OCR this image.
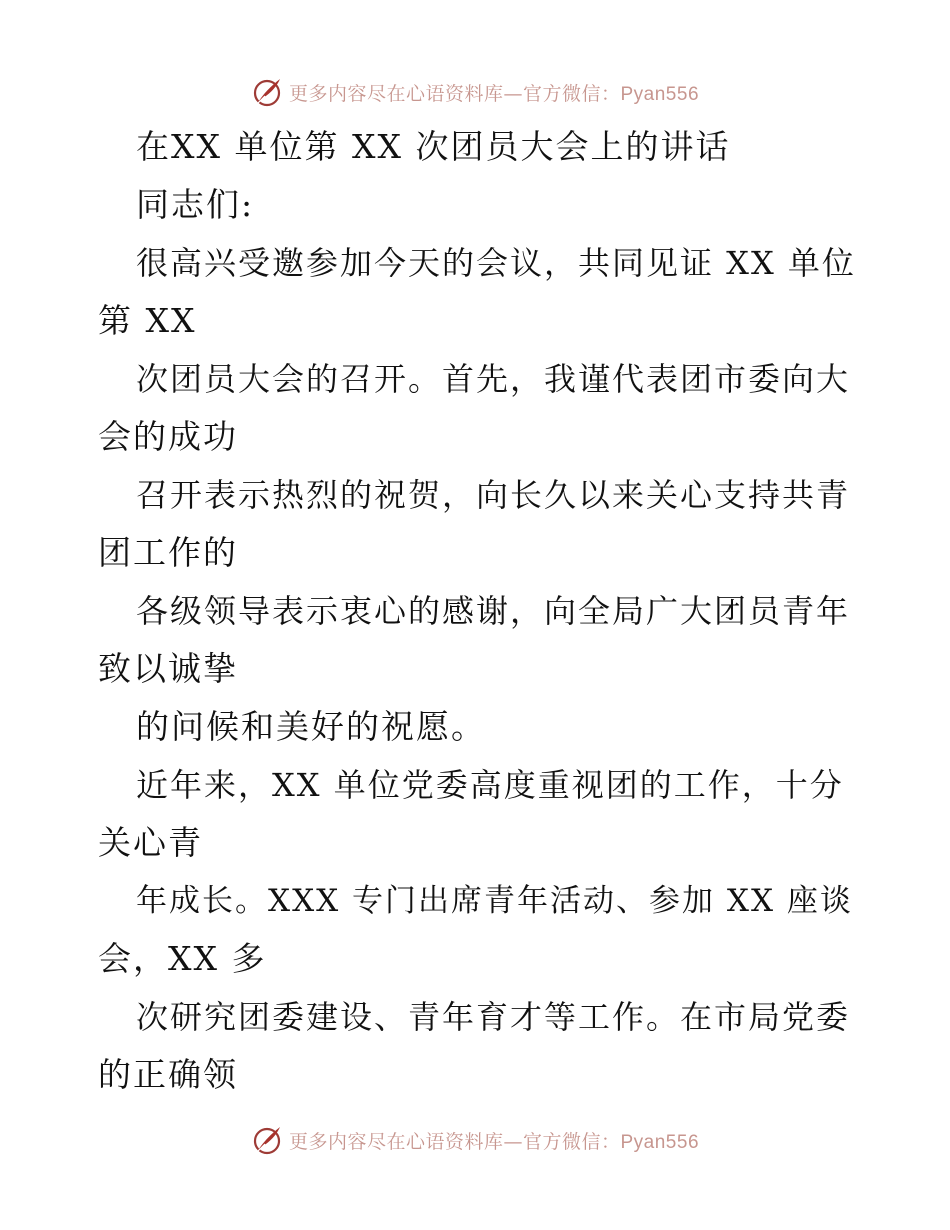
更多内容尽在心语资料库—官方微信：Pyan556
在XX 单位第 XX 次团员大会上的讲话
同志们:
很高兴受邀参加今天的会议，共同见证 XX 单位
第 XX
次团员大会的召开。首先，我谨代表团市委向大
会的成功
召开表示热烈的祝贺，向长久以来关心支持共青
团工作的
各级领导表示衷心的感谢，向全局广大团员青年
致以诚挚
的问候和美好的祝愿。
近年来，XX 单位党委高度重视团的工作，十分
关心青
年成长。XXX 专门出席青年活动、参加 XX 座谈
会，XX 多
次研究团委建设、青年育才等工作。在市局党委
的正确领
更多内容尽在心语资料库—官方微信：Pyan556
